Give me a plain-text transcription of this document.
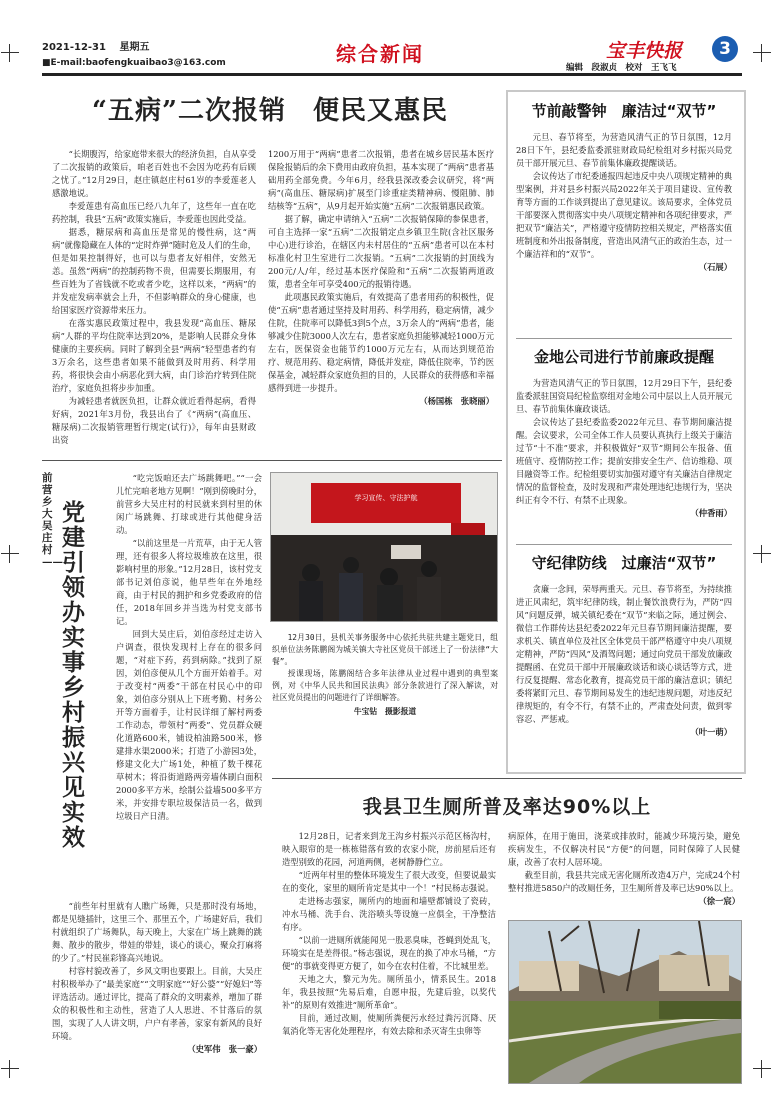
2021-12-31 星期五
■E-mail:baofengkuaibao3@163.com	综合新闻	宝丰快报	3
编辑　段淑贞　校对　王飞飞
“五病”二次报销　便民又惠民

“长期腹泻，给家庭带来很大的经济负担，自从享受了二次报销的政策后，咱老百姓也不会因为吃药有后顾之忧了。”12月29日，赵庄镇赵庄村61岁的李爱莲老人感激地说。

李爱莲患有高血压已经八九年了，这些年一直在吃药控制，我县“五病”政策实施后，李爱莲也因此受益。

据悉，糖尿病和高血压是常见的慢性病，这“两病”就像隐藏在人体的“定时炸弹”随时危及人们的生命，但是如果控制得好，也可以与患者友好相伴，安然无恙。虽然“两病”的控制药物不贵，但需要长期服用，有些百姓为了省钱就不吃或者少吃，这样以来，“两病”的并发症发病率就会上升，不但影响群众的身心健康，也给国家医疗资源带来压力。

在落实惠民政策过程中，我县发现“高血压、糖尿病”人群的平均住院率达到20%，是影响人民群众身体健康的主要疾病。同时了解到全县“两病”轻型患者约有3万余名，这些患者如果不能做到及时用药、科学用药，将很快会由小病恶化到大病，由门诊治疗转到住院治疗，家庭负担将步步加重。

为减轻患者就医负担，让群众就近看得起病，看得好病，2021年3月份，我县出台了《“两病”(高血压、糖尿病)二次报销管理暂行规定(试行)》，每年由县财政出资

1200万用于“两病”患者二次报销，患者在城乡居民基本医疗保险报销后的余下费用由政府负担，基本实现了“两病”患者基础用药全部免费。今年6月，经我县深改委会议研究，将“两病”(高血压、糖尿病)扩展至门诊重症类精神病、慢阻肺、肺结核等“五病”，从9月起开始实施“五病”二次报销惠民政策。

据了解，确定申请纳入“五病”二次报销保障的参保患者，可自主选择一家“五病”二次报销定点乡镇卫生院(含社区服务中心)进行诊治，在辖区内未村居住的“五病”患者可以在本村标准化村卫生室进行二次报销。“五病”二次报销的封顶线为200元/人/年，经过基本医疗保险和“五病”二次报销两道政策，患者全年可享受400元的报销待遇。

此项惠民政策实施后，有效提高了患者用药的积极性，促使“五病”患者通过坚持及时用药、科学用药，稳定病情，减少住院，住院率可以降低3到5个点，3万余人的“两病”患者，能够减少住院3000人次左右，患者家庭负担能够减轻1000万元左右，医保资金也能节约1000万元左右，从而达到规范治疗、规范用药、稳定病情，降低并发症，降低住院率，节约医保基金，减轻群众家庭负担的目的，人民群众的获得感和幸福感得到进一步提升。

（杨国栋　张晓丽）

前营乡大吴庄村——
党建引领办实事　乡村振兴见实效

“吃完饭咱还去广场跳舞吧。”“一会儿忙完咱老地方见啊！”刚到傍晚时分，前营乡大吴庄村的村民就来到村里的休闲广场跳舞、打球或进行其他健身活动。

“以前这里是一片荒草，由于无人管理，还有很多人将垃圾堆放在这里，很影响村里的形象。”12月28日，该村党支部书记刘伯彦说，他早些年在外地经商，由于村民的拥护和乡党委政府的信任，2018年回乡并当选为村党支部书记。

回到大吴庄后，刘伯彦经过走访入户调查，很快发现村上存在的很多问题，“对症下药，药到病除。”找到了原因，刘伯彦便从几个方面开始着手。对于改变村“两委”干部在村民心中的印象，刘伯彦分别从上下班考勤、村务公开等方面着手，让村民详细了解村两委工作动态，带领村“两委”、党员群众硬化道路600米，铺设柏油路500米，修建排水渠2000米；打造了小游园3处，修建文化大广场1处，种植了数千棵花草树木；将沿街道路两旁墙体刷白面积2000多平方米，绘制公益墙500多平方米，并安排专职垃圾保洁员一名，做到垃圾日产日清。

“前些年村里就有人瞧广场舞，只是那时没有场地，都是见缝插针，这里三个、那里五个，广场建好后，我们村就组织了广场舞队，每天晚上，大家在广场上跳舞的跳舞、散步的散步，带娃的带娃，谈心的谈心，聚众打麻将的少了。”村民崔彩锋高兴地说。

村容村貌改善了，乡风文明也要跟上。目前，大吴庄村积极举办了“最美家庭”“文明家庭”“好公婆”“好媳妇”等评选活动。通过评比，提高了群众的文明素养，增加了群众的积极性和主动性，营造了人人思进、不甘落后的氛围，实现了人人讲文明，户户有孝善，家家有新风的良好环境。

（史军伟　张一豪）

学习宣传、守法护航

12月30日，县机关事务服务中心依托共驻共建主题党日，组织单位法务陈鹏阁为城关镇大寺社区党员干部送上了一份法律“大餐”。

授课现场，陈鹏阁结合多年法律从业过程中遇到的典型案例，对《中华人民共和国民法典》部分条款进行了深入解读，对社区党员提出的问题进行了详细解答。

牛宝钻　摄影报道

节前敲警钟　廉洁过“双节”

元旦、春节将至，为营造风清气正的节日氛围，12月28日下午，县纪委监委派驻财政局纪检组对乡村振兴局党员干部开展元旦、春节前集体廉政提醒谈话。

会议传达了市纪委通报四起违反中央八项规定精神的典型案例，并对县乡村振兴局2022年关于项目建设、宣传教育等方面的工作谈到提出了意见建议。该局要求，全体党员干部要深入贯彻落实中央八项规定精神和各项纪律要求，严把双节“廉洁关”，严格遵守疫情防控相关规定，严格落实值班制度和外出报备制度，营造出风清气正的政治生态，过一个廉洁祥和的“双节”。

（石展）

金地公司进行节前廉政提醒

为营造风清气正的节日氛围，12月29日下午，县纪委监委派驻国资局纪检监察组对金地公司中层以上人员开展元旦、春节前集体廉政谈话。

会议传达了县纪委监委2022年元旦、春节期间廉洁提醒。会议要求，公司全体工作人员要认真执行上级关于廉洁过节“十不准”要求，并积极做好“双节”期间公车报备、值班值守、疫情防控工作；提前安排安全生产、信访维稳、项目融资等工作。纪检组要切实加强对遵守有关廉洁自律规定情况的监督检查，及时发现和严肃处理违纪违规行为，坚决纠正有令不行、有禁不止现象。

（仲香雨）

守纪律防线　过廉洁“双节”

贪廉一念间，荣辱两重天。元旦、春节将至，为持续推进正风肃纪，筑牢纪律防线，制止餐饮浪费行为，严防“四风”问题反弹，城关镇纪委在“双节”来临之际，通过例会、微信工作群传达县纪委2022年元旦春节期间廉洁提醒，要求机关、镇直单位及社区全体党员干部严格遵守中央八项规定精神，严防“四风”及酒驾问题；通过向党员干部发放廉政提醒函、在党员干部中开展廉政谈话和谈心谈话等方式，进行反复提醒、常态化教育，提高党员干部的廉洁意识；镇纪委将紧盯元旦、春节期间易发生的违纪违规问题，对违反纪律规矩的，有令不行，有禁不止的，严肃查处问责，做到零容忍、严惩戒。

（叶一萌）

我县卫生厕所普及率达90%以上

12月28日，记者来到龙王沟乡村振兴示范区杨沟村，映入眼帘的是一栋栋错落有致的农家小院，房前屋后还有造型别致的花园，河道两侧，老树静静伫立。

“近两年村里的整体环境发生了很大改变，但要说最实在的变化，家里的厕所肯定是其中一个！”村民杨志强说。

走进杨志强家，厕所内的地面和墙壁都铺设了瓷砖，冲水马桶、洗手台、洗浴喷头等设施一应俱全，干净整洁有序。

“以前一进厕所就能闻见一股恶臭味，苍蝇到处乱飞，环境实在是差得很。”杨志强说，现在的换了冲水马桶，“方便”的事就变得更方便了，如今在农村住着，不比城里差。

天地之大，黎元为先。厕所虽小，情系民生。2018年，我县按照“先易后难，自愿申报，先建后验，以奖代补”的原则有效推进“厕所革命”。

目前，通过改厕，使厕所粪便污水经过粪污沉降、厌氧消化等无害化处理程序，有效去除和杀灭寄生虫卵等

病原体，在用于施田，浇菜或排放时，能减少环境污染，避免疾病发生，不仅解决村民“方便”的问题，同时保障了人民健康，改善了农村人居环境。

截至目前，我县共完成无害化厕所改造4万户，完成24个村整村推进5850户的改厕任务，卫生厕所普及率已达90%以上。

（徐一宸）
